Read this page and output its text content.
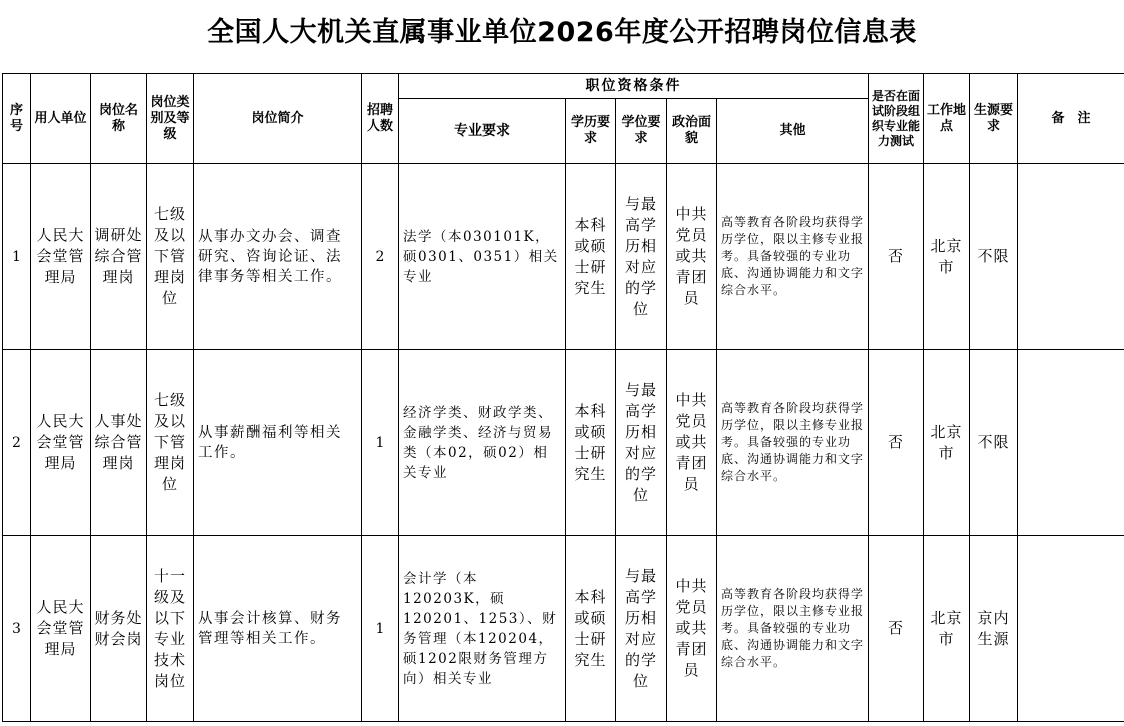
全国人大机关直属事业单位2026年度公开招聘岗位信息表
序号	用人单位	岗位名称	岗位类别及等级	岗位简介	招聘人数	职位资格条件					是否在面试阶段组织专业能力测试	工作地点	生源要求	备　注
						专业要求	学历要求	学位要求	政治面貌	其他				
1	人民大会堂管理局	调研处综合管理岗	七级及以下管理岗位	从事办文办会、调查研究、咨询论证、法律事务等相关工作。	2	法学（本030101K，硕0301、0351）相关专业	本科或硕士研究生	与最高学历相对应的学位	中共党员或共青团员	高等教育各阶段均获得学历学位，限以主修专业报考。具备较强的专业功底、沟通协调能力和文字综合水平。	否	北京市	不限	
2	人民大会堂管理局	人事处综合管理岗	七级及以下管理岗位	从事薪酬福利等相关工作。	1	经济学类、财政学类、金融学类、经济与贸易类（本02，硕02）相关专业	本科或硕士研究生	与最高学历相对应的学位	中共党员或共青团员	高等教育各阶段均获得学历学位，限以主修专业报考。具备较强的专业功底、沟通协调能力和文字综合水平。	否	北京市	不限	
3	人民大会堂管理局	财务处财会岗	十一级及以下专业技术岗位	从事会计核算、财务管理等相关工作。	1	会计学（本120203K，硕120201、1253）、财务管理（本120204，硕1202限财务管理方向）相关专业	本科或硕士研究生	与最高学历相对应的学位	中共党员或共青团员	高等教育各阶段均获得学历学位，限以主修专业报考。具备较强的专业功底、沟通协调能力和文字综合水平。	否	北京市	京内生源	
